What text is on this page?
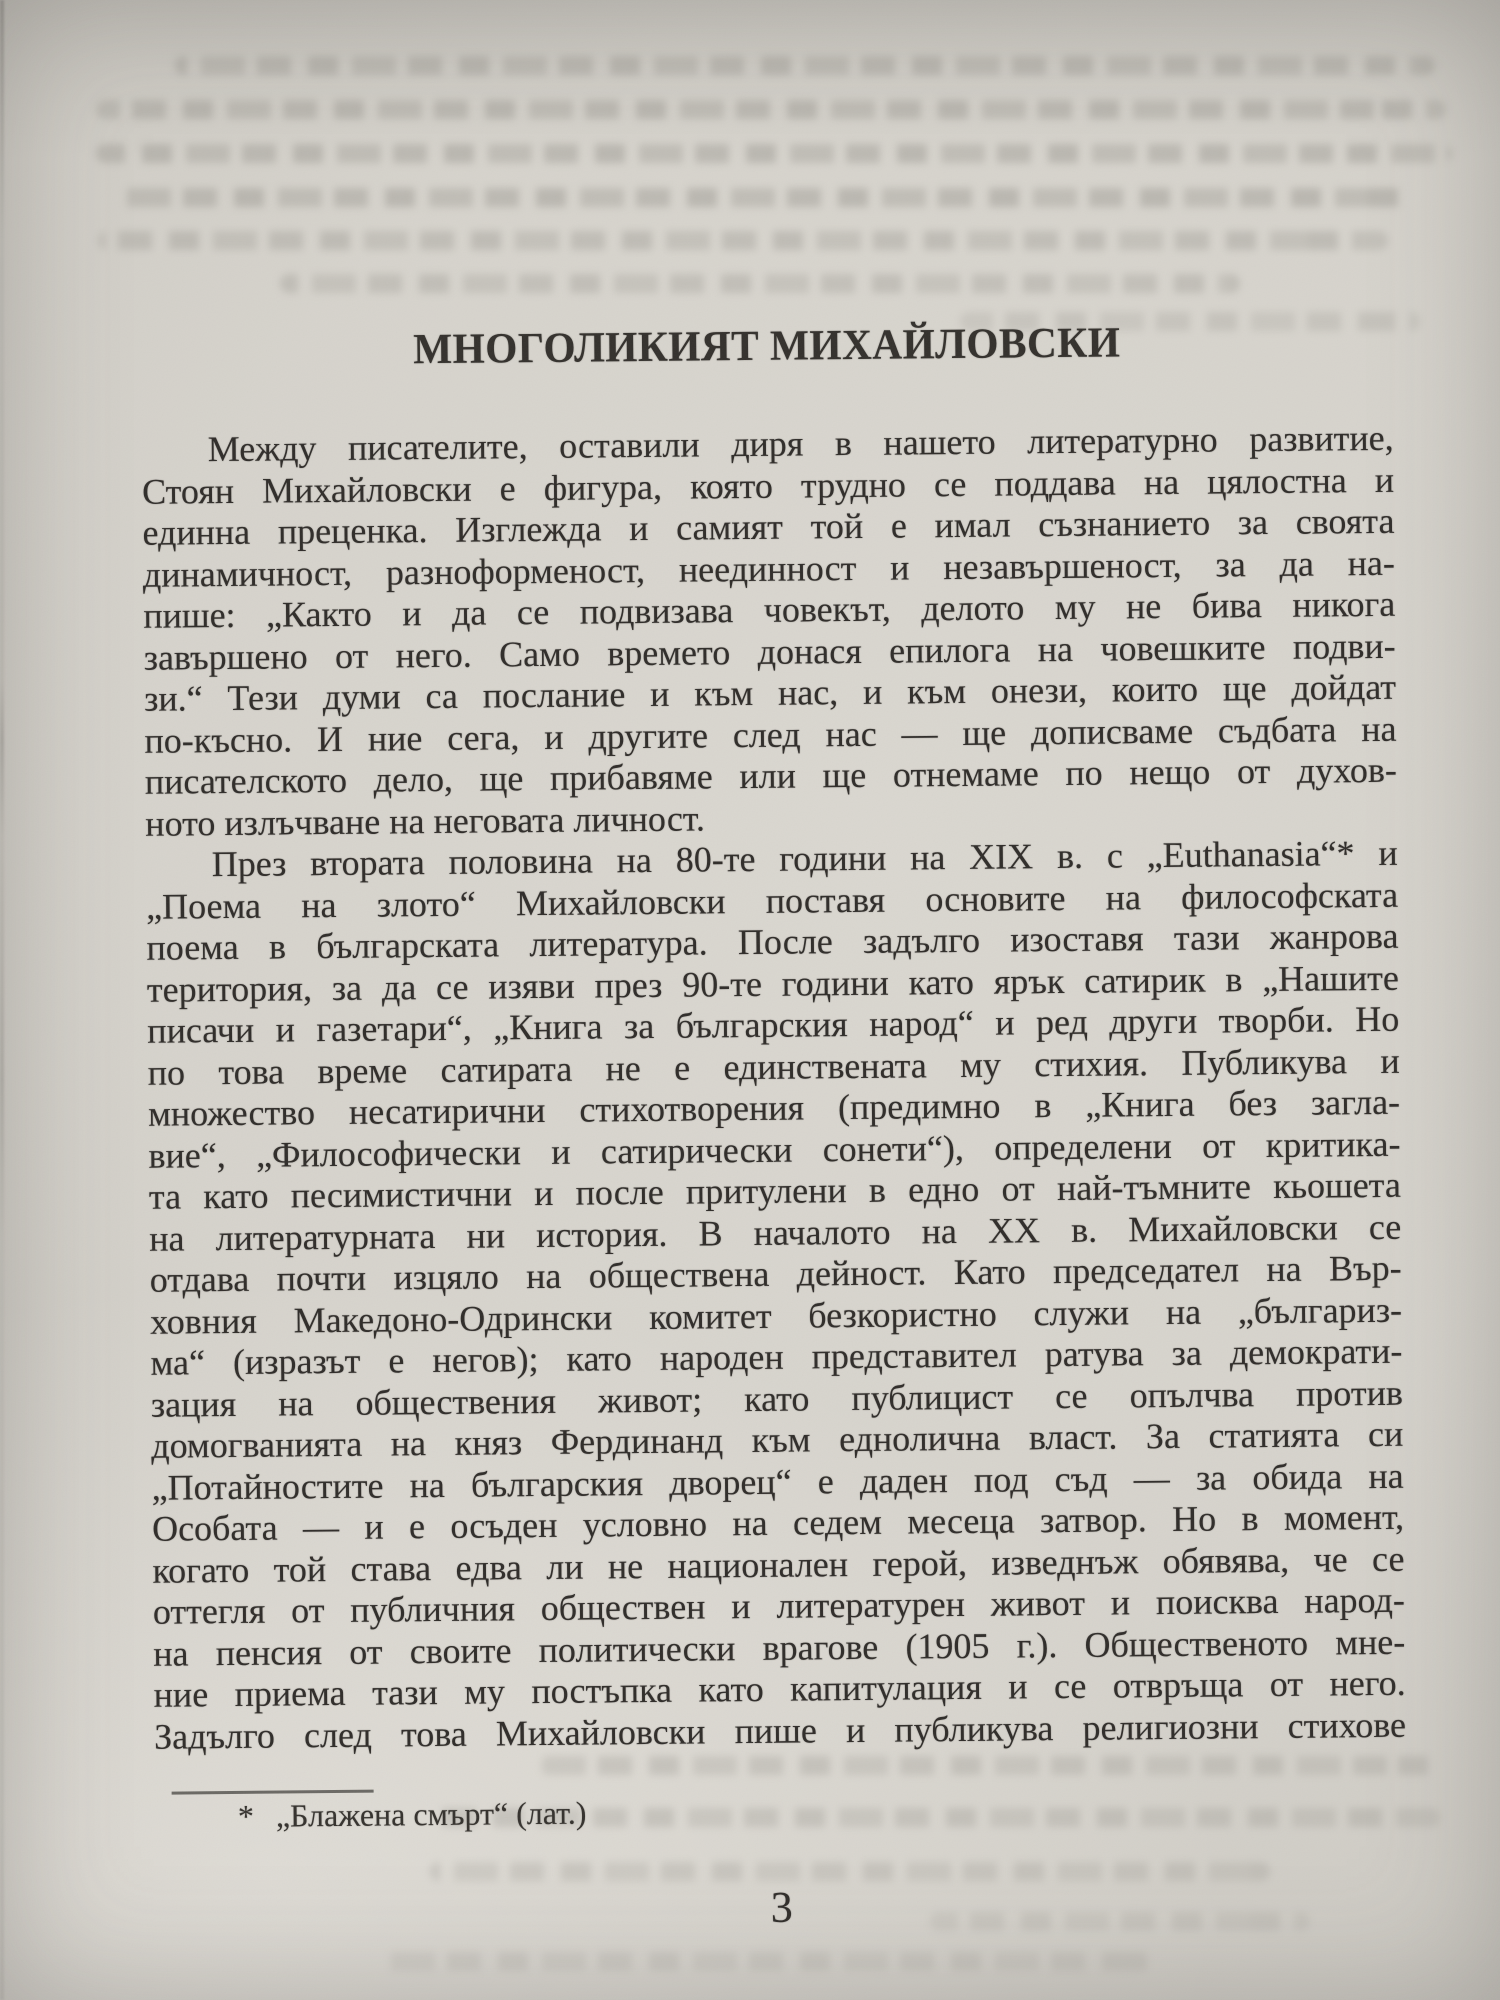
МНОГОЛИКИЯТ МИХАЙЛОВСКИ
Между писателите, оставили диря в нашето литературно развитие,
Стоян Михайловски е фигура, която трудно се поддава на цялостна и
единна преценка. Изглежда и самият той е имал съзнанието за своята
динамичност, разноформеност, неединност и незавършеност, за да на-
пише: „Както и да се подвизава човекът, делото му не бива никога
завършено от него. Само времето донася епилога на човешките подви-
зи.“ Тези думи са послание и към нас, и към онези, които ще дойдат
по-късно. И ние сега, и другите след нас — ще дописваме съдбата на
писателското дело, ще прибавяме или ще отнемаме по нещо от духов-
ното излъчване на неговата личност.
През втората половина на 80-те години на XIX в. с „Euthanasia“* и
„Поема на злото“ Михайловски поставя основите на философската
поема в българската литература. После задълго изоставя тази жанрова
територия, за да се изяви през 90-те години като ярък сатирик в „Нашите
писачи и газетари“, „Книга за българския народ“ и ред други творби. Но
по това време сатирата не е единствената му стихия. Публикува и
множество несатирични стихотворения (предимно в „Книга без загла-
вие“, „Философически и сатирически сонети“), определени от критика-
та като песимистични и после притулени в едно от най-тъмните кьошета
на литературната ни история. В началото на XX в. Михайловски се
отдава почти изцяло на обществена дейност. Като председател на Вър-
ховния Македоно-Одрински комитет безкористно служи на „българиз-
ма“ (изразът е негов); като народен представител ратува за демократи-
зация на обществения живот; като публицист се опълчва против
домогванията на княз Фердинанд към еднолична власт. За статията си
„Потайностите на българския дворец“ е даден под съд — за обида на
Особата — и е осъден условно на седем месеца затвор. Но в момент,
когато той става едва ли не национален герой, изведнъж обявява, че се
оттегля от публичния обществен и литературен живот и поисква народ-
на пенсия от своите политически врагове (1905 г.). Общественото мне-
ние приема тази му постъпка като капитулация и се отвръща от него.
Задълго след това Михайловски пише и публикува религиозни стихове
* „Блажена смърт“ (лат.)
3
